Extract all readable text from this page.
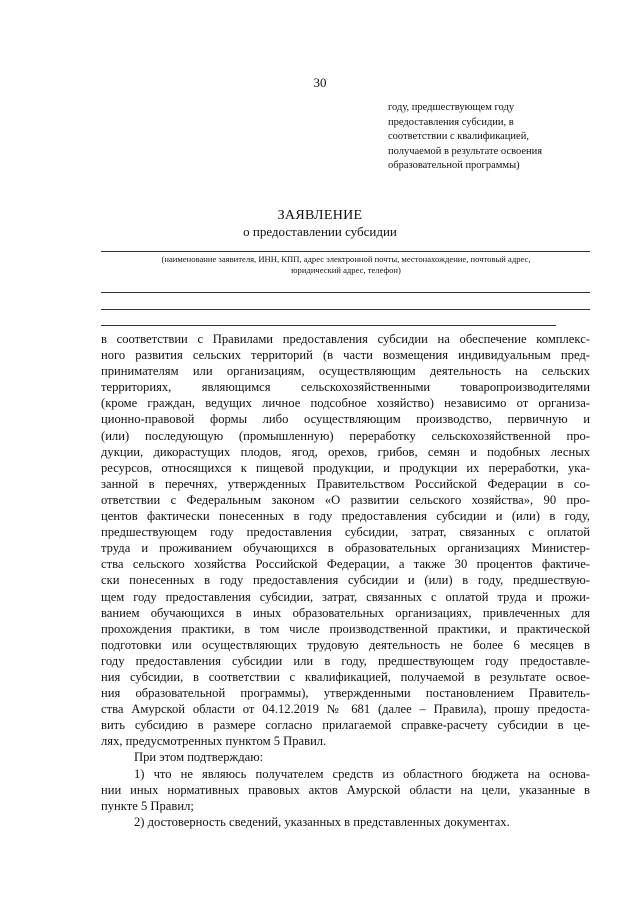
30
году, предшествующем году
предоставления субсидии, в
соответствии с квалификацией,
получаемой в результате освоения
образовательной программы)
ЗАЯВЛЕНИЕ
о предоставлении субсидии
(наименование заявителя, ИНН, КПП, адрес электронной почты, местонахождение, почтовый адрес,
юридический адрес, телефон)
в соответствии с Правилами предоставления субсидии на обеспечение комплекс-
ного развития сельских территорий (в части возмещения индивидуальным пред-
принимателям или организациям, осуществляющим деятельность на сельских
территориях, являющимся сельскохозяйственными товаропроизводителями
(кроме граждан, ведущих личное подсобное хозяйство) независимо от организа-
ционно-правовой формы либо осуществляющим производство, первичную и
(или) последующую (промышленную) переработку сельскохозяйственной про-
дукции, дикорастущих плодов, ягод, орехов, грибов, семян и подобных лесных
ресурсов, относящихся к пищевой продукции, и продукции их переработки, ука-
занной в перечнях, утвержденных Правительством Российской Федерации в со-
ответствии с Федеральным законом «О развитии сельского хозяйства», 90 про-
центов фактически понесенных в году предоставления субсидии и (или) в году,
предшествующем году предоставления субсидии, затрат, связанных с оплатой
труда и проживанием обучающихся в образовательных организациях Министер-
ства сельского хозяйства Российской Федерации, а также 30 процентов фактиче-
ски понесенных в году предоставления субсидии и (или) в году, предшествую-
щем году предоставления субсидии, затрат, связанных с оплатой труда и прожи-
ванием обучающихся в иных образовательных организациях, привлеченных для
прохождения практики, в том числе производственной практики, и практической
подготовки или осуществляющих трудовую деятельность не более 6 месяцев в
году предоставления субсидии или в году, предшествующем году предоставле-
ния субсидии, в соответствии с квалификацией, получаемой в результате освое-
ния образовательной программы), утвержденными постановлением Правитель-
ства Амурской области от 04.12.2019 № 681 (далее – Правила), прошу предоста-
вить субсидию в размере согласно прилагаемой справке-расчету субсидии в це-
лях, предусмотренных пунктом 5 Правил.
При этом подтверждаю:
1) что не являюсь получателем средств из областного бюджета на основа-
нии иных нормативных правовых актов Амурской области на цели, указанные в
пункте 5 Правил;
2) достоверность сведений, указанных в представленных документах.
